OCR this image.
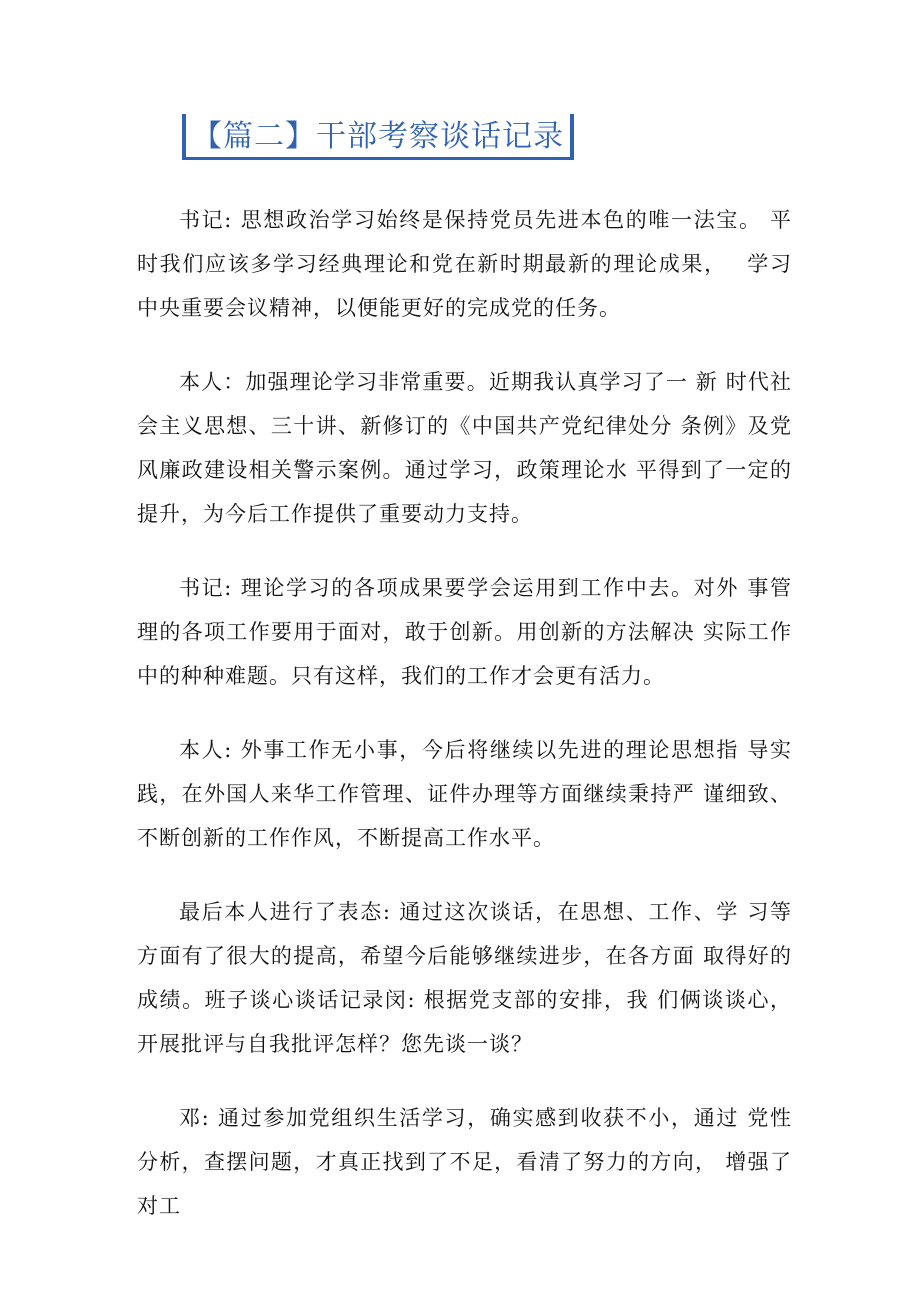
【篇二】干部考察谈话记录

书记: 思想政治学习始终是保持党员先进本色的唯一法宝。 平时我们应该多学习经典理论和党在新时期最新的理论成果，　 学习中央重要会议精神，以便能更好的完成党的任务。

本人：加强理论学习非常重要。近期我认真学习了一 新 时代社会主义思想、三十讲、新修订的《中国共产党纪律处分 条例》及党风廉政建设相关警示案例。通过学习，政策理论水 平得到了一定的提升，为今后工作提供了重要动力支持。

书记: 理论学习的各项成果要学会运用到工作中去。对外 事管理的各项工作要用于面对，敢于创新。用创新的方法解决 实际工作中的种种难题。只有这样，我们的工作才会更有活力。

本人: 外事工作无小事，今后将继续以先进的理论思想指 导实践，在外国人来华工作管理、证件办理等方面继续秉持严 谨细致、不断创新的工作作风，不断提高工作水平。

最后本人进行了表态: 通过这次谈话，在思想、工作、学 习等方面有了很大的提高，希望今后能够继续进步，在各方面 取得好的成绩。班子谈心谈话记录闵: 根据党支部的安排，我 们俩谈谈心，开展批评与自我批评怎样？您先谈一谈？

邓: 通过参加党组织生活学习，确实感到收获不小，通过 党性分析，查摆问题，才真正找到了不足，看清了努力的方向， 增强了对工
